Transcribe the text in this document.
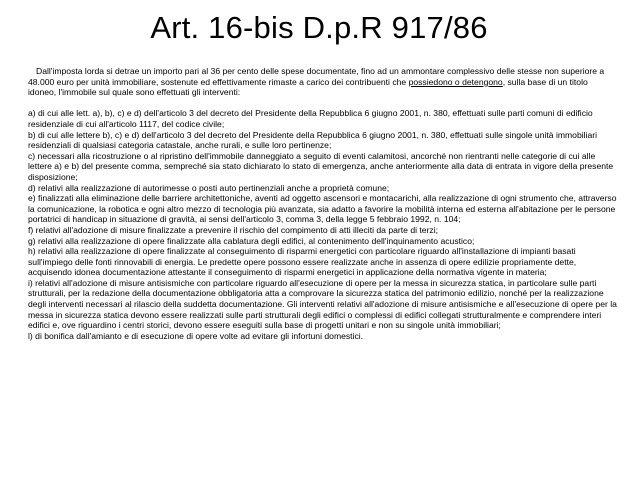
Art. 16-bis D.p.R 917/86

Dall'imposta lorda si detrae un importo pari al 36 per cento delle spese documentate, fino ad un ammontare complessivo delle stesse non superiore a 48.000 euro per unità immobiliare, sostenute ed effettivamente rimaste a carico dei contribuenti che possiedono o detengono, sulla base di un titolo idoneo, l'immobile sul quale sono effettuati gli interventi:

a) di cui alle lett. a), b), c) e d) dell'articolo 3 del decreto del Presidente della Repubblica 6 giugno 2001, n. 380, effettuati sulle parti comuni di edificio residenziale di cui all'articolo 1117, del codice civile;

b) di cui alle lettere b), c) e d) dell'articolo 3 del decreto del Presidente della Repubblica 6 giugno 2001, n. 380, effettuati sulle singole unità immobiliari residenziali di qualsiasi categoria catastale, anche rurali, e sulle loro pertinenze;

c) necessari alla ricostruzione o al ripristino dell'immobile danneggiato a seguito di eventi calamitosi, ancorché non rientranti nelle categorie di cui alle lettere a) e b) del presente comma, sempreché sia stato dichiarato lo stato di emergenza, anche anteriormente alla data di entrata in vigore della presente disposizione;

d) relativi alla realizzazione di autorimesse o posti auto pertinenziali anche a proprietà comune;

e) finalizzati alla eliminazione delle barriere architettoniche, aventi ad oggetto ascensori e montacarichi, alla realizzazione di ogni strumento che, attraverso la comunicazione, la robotica e ogni altro mezzo di tecnologia più avanzata, sia adatto a favorire la mobilità interna ed esterna all'abitazione per le persone portatrici di handicap in situazione di gravità, ai sensi dell'articolo 3, comma 3, della legge 5 febbraio 1992, n. 104;

f) relativi all'adozione di misure finalizzate a prevenire il rischio del compimento di atti illeciti da parte di terzi;

g) relativi alla realizzazione di opere finalizzate alla cablatura degli edifici, al contenimento dell'inquinamento acustico;

h) relativi alla realizzazione di opere finalizzate al conseguimento di risparmi energetici con particolare riguardo all'installazione di impianti basati sull'impiego delle fonti rinnovabili di energia. Le predette opere possono essere realizzate anche in assenza di opere edilizie propriamente dette, acquisendo idonea documentazione attestante il conseguimento di risparmi energetici in applicazione della normativa vigente in materia;

i) relativi all'adozione di misure antisismiche con particolare riguardo all'esecuzione di opere per la messa in sicurezza statica, in particolare sulle parti strutturali, per la redazione della documentazione obbligatoria atta a comprovare la sicurezza statica del patrimonio edilizio, nonché per la realizzazione degli interventi necessari al rilascio della suddetta documentazione. Gli interventi relativi all'adozione di misure antisismiche e all'esecuzione di opere per la messa in sicurezza statica devono essere realizzati sulle parti strutturali degli edifici o complessi di edifici collegati strutturalmente e comprendere interi edifici e, ove riguardino i centri storici, devono essere eseguiti sulla base di progetti unitari e non su singole unità immobiliari;

l) di bonifica dall'amianto e di esecuzione di opere volte ad evitare gli infortuni domestici.
